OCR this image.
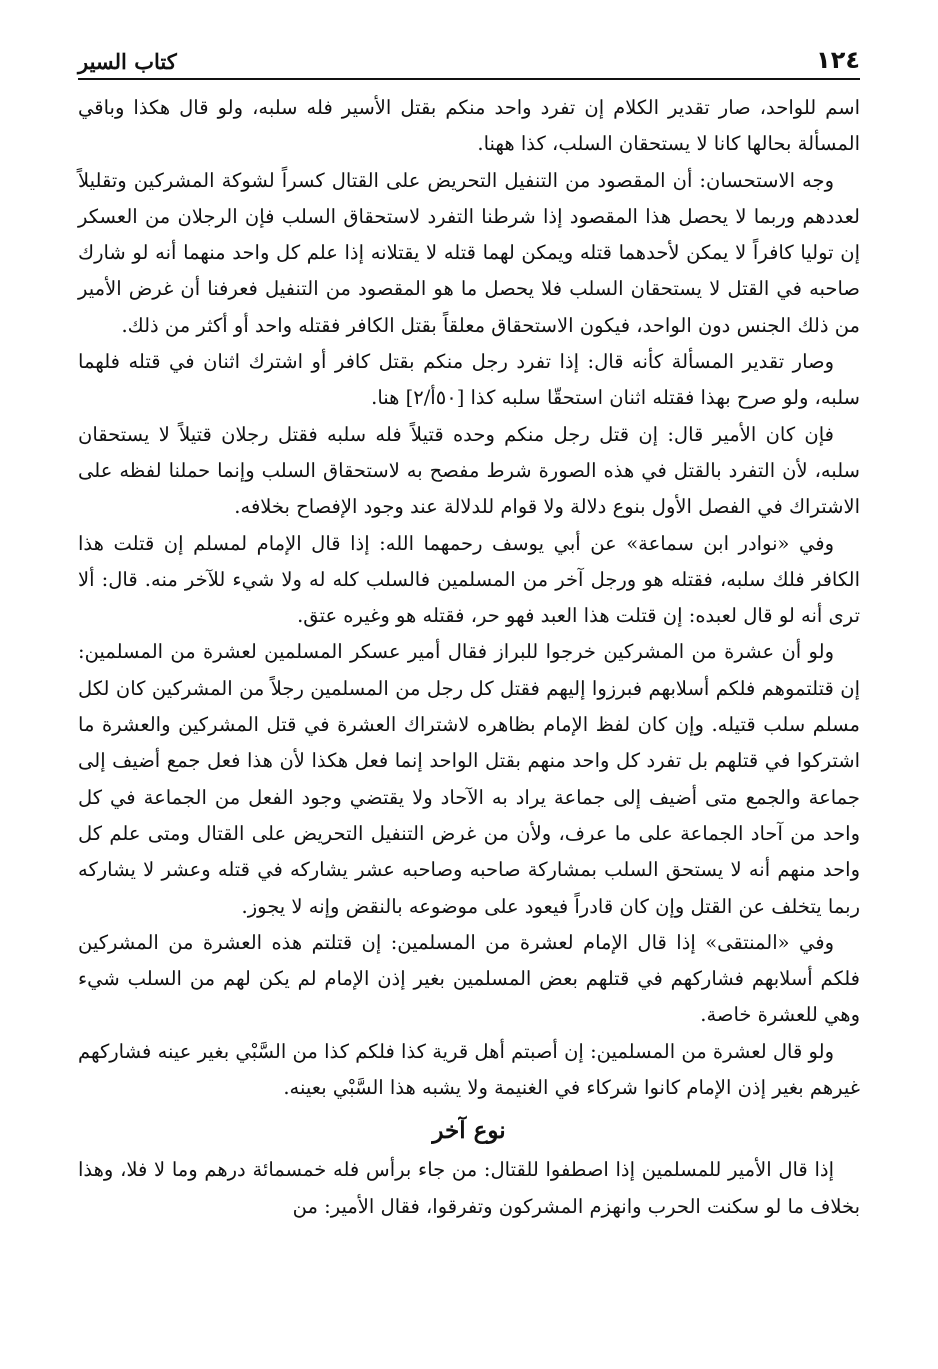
١٢٤
كتاب السير

اسم للواحد، صار تقدير الكلام إن تفرد واحد منكم بقتل الأسير فله سلبه، ولو قال هكذا وباقي المسألة بحالها كانا لا يستحقان السلب، كذا ههنا.

وجه الاستحسان: أن المقصود من التنفيل التحريض على القتال كسراً لشوكة المشركين وتقليلاً لعددهم وربما لا يحصل هذا المقصود إذا شرطنا التفرد لاستحقاق السلب فإن الرجلان من العسكر إن توليا كافراً لا يمكن لأحدهما قتله ويمكن لهما قتله لا يقتلانه إذا علم كل واحد منهما أنه لو شارك صاحبه في القتل لا يستحقان السلب فلا يحصل ما هو المقصود من التنفيل فعرفنا أن غرض الأمير من ذلك الجنس دون الواحد، فيكون الاستحقاق معلقاً بقتل الكافر فقتله واحد أو أكثر من ذلك.

وصار تقدير المسألة كأنه قال: إذا تفرد رجل منكم بقتل كافر أو اشترك اثنان في قتله فلهما سلبه، ولو صرح بهذا فقتله اثنان استحقّا سلبه كذا [٥٠أ/٢] هنا.

فإن كان الأمير قال: إن قتل رجل منكم وحده قتيلاً فله سلبه فقتل رجلان قتيلاً لا يستحقان سلبه، لأن التفرد بالقتل في هذه الصورة شرط مفصح به لاستحقاق السلب وإنما حملنا لفظه على الاشتراك في الفصل الأول بنوع دلالة ولا قوام للدلالة عند وجود الإفصاح بخلافه.

وفي «نوادر ابن سماعة» عن أبي يوسف رحمهما الله: إذا قال الإمام لمسلم إن قتلت هذا الكافر فلك سلبه، فقتله هو ورجل آخر من المسلمين فالسلب كله له ولا شيء للآخر منه. قال: ألا ترى أنه لو قال لعبده: إن قتلت هذا العبد فهو حر، فقتله هو وغيره عتق.

ولو أن عشرة من المشركين خرجوا للبراز فقال أمير عسكر المسلمين لعشرة من المسلمين: إن قتلتموهم فلكم أسلابهم فبرزوا إليهم فقتل كل رجل من المسلمين رجلاً من المشركين كان لكل مسلم سلب قتيله. وإن كان لفظ الإمام بظاهره لاشتراك العشرة في قتل المشركين والعشرة ما اشتركوا في قتلهم بل تفرد كل واحد منهم بقتل الواحد إنما فعل هكذا لأن هذا فعل جمع أضيف إلى جماعة والجمع متى أضيف إلى جماعة يراد به الآحاد ولا يقتضي وجود الفعل من الجماعة في كل واحد من آحاد الجماعة على ما عرف، ولأن من غرض التنفيل التحريض على القتال ومتى علم كل واحد منهم أنه لا يستحق السلب بمشاركة صاحبه وصاحبه عشر يشاركه في قتله وعشر لا يشاركه ربما يتخلف عن القتل وإن كان قادراً فيعود على موضوعه بالنقض وإنه لا يجوز.

وفي «المنتقى» إذا قال الإمام لعشرة من المسلمين: إن قتلتم هذه العشرة من المشركين فلكم أسلابهم فشاركهم في قتلهم بعض المسلمين بغير إذن الإمام لم يكن لهم من السلب شيء وهي للعشرة خاصة.

ولو قال لعشرة من المسلمين: إن أصبتم أهل قرية كذا فلكم كذا من السَّبْي بغير عينه فشاركهم غيرهم بغير إذن الإمام كانوا شركاء في الغنيمة ولا يشبه هذا السَّبْي بعينه.

نوع آخر

إذا قال الأمير للمسلمين إذا اصطفوا للقتال: من جاء برأس فله خمسمائة درهم وما لا فلا، وهذا بخلاف ما لو سكنت الحرب وانهزم المشركون وتفرقوا، فقال الأمير: من
